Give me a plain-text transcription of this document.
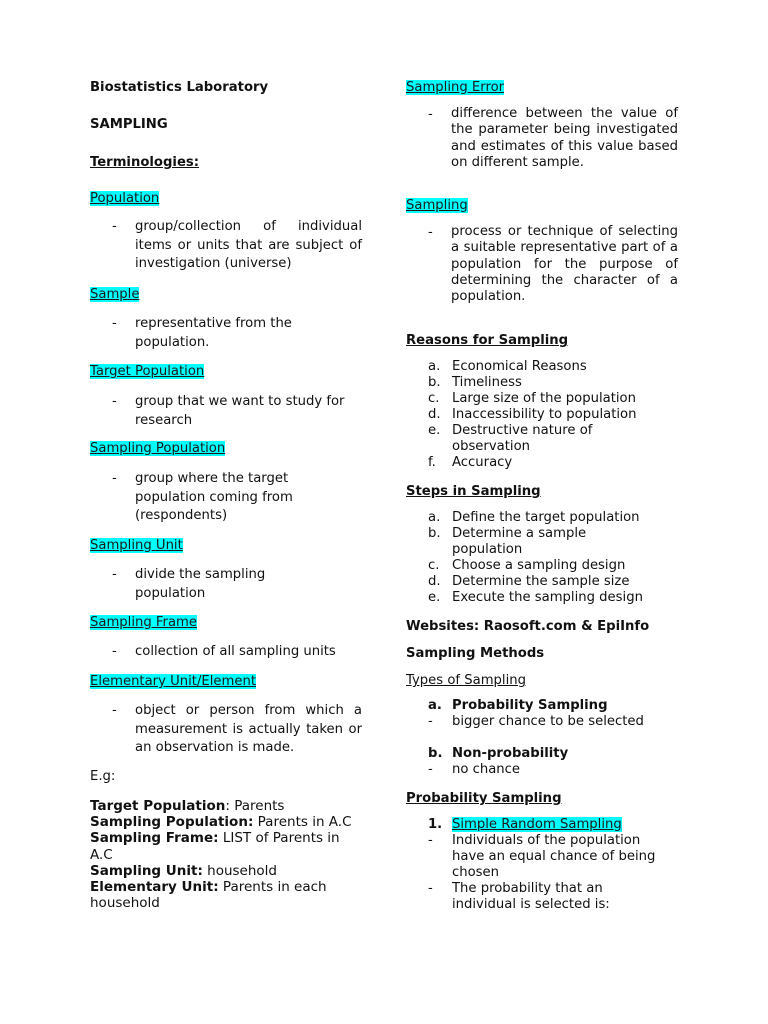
Biostatistics Laboratory
SAMPLING
Terminologies:
Population
- group/collection of individual items or units that are subject of investigation (universe)
Sample
- representative from the population.
Target Population
- group that we want to study for research
Sampling Population
- group where the target population coming from (respondents)
Sampling Unit
- divide the sampling population
Sampling Frame
- collection of all sampling units
Elementary Unit/Element
- object or person from which a measurement is actually taken or an observation is made.
E.g:
Target Population: Parents
Sampling Population: Parents in A.C
Sampling Frame: LIST of Parents in A.C
Sampling Unit: household
Elementary Unit: Parents in each household
Sampling Error
- difference between the value of the parameter being investigated and estimates of this value based on different sample.
Sampling
- process or technique of selecting a suitable representative part of a population for the purpose of determining the character of a population.
Reasons for Sampling
a. Economical Reasons
b. Timeliness
c. Large size of the population
d. Inaccessibility to population
e. Destructive nature of observation
f. Accuracy
Steps in Sampling
a. Define the target population
b. Determine a sample population
c. Choose a sampling design
d. Determine the sample size
e. Execute the sampling design
Websites: Raosoft.com & EpiInfo
Sampling Methods
Types of Sampling
a. Probability Sampling
- bigger chance to be selected
b. Non-probability
- no chance
Probability Sampling
1. Simple Random Sampling
- Individuals of the population have an equal chance of being chosen
- The probability that an individual is selected is:
